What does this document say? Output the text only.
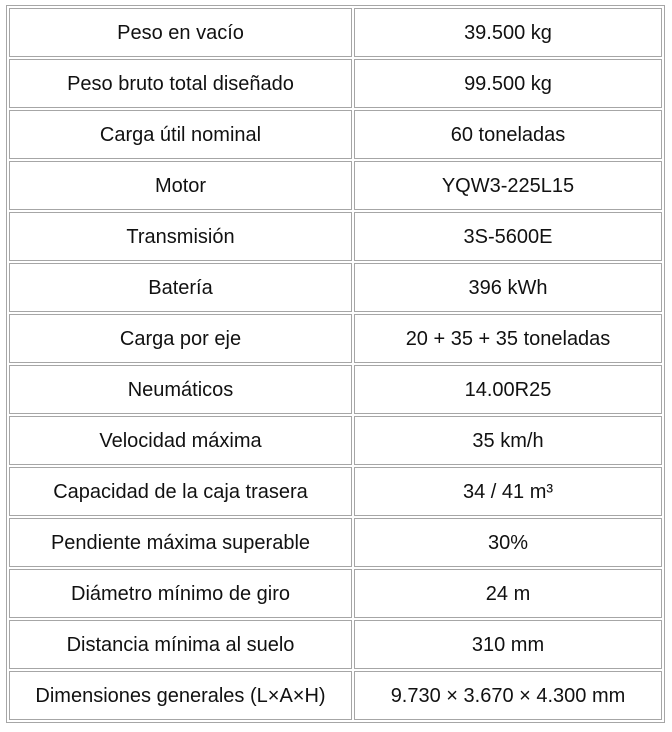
Peso en vacío	39.500 kg
Peso bruto total diseñado	99.500 kg
Carga útil nominal	60 toneladas
Motor	YQW3-225L15
Transmisión	3S-5600E
Batería	396 kWh
Carga por eje	20 + 35 + 35 toneladas
Neumáticos	14.00R25
Velocidad máxima	35 km/h
Capacidad de la caja trasera	34 / 41 m³
Pendiente máxima superable	30%
Diámetro mínimo de giro	24 m
Distancia mínima al suelo	310 mm
Dimensiones generales (L×A×H)	9.730 × 3.670 × 4.300 mm
